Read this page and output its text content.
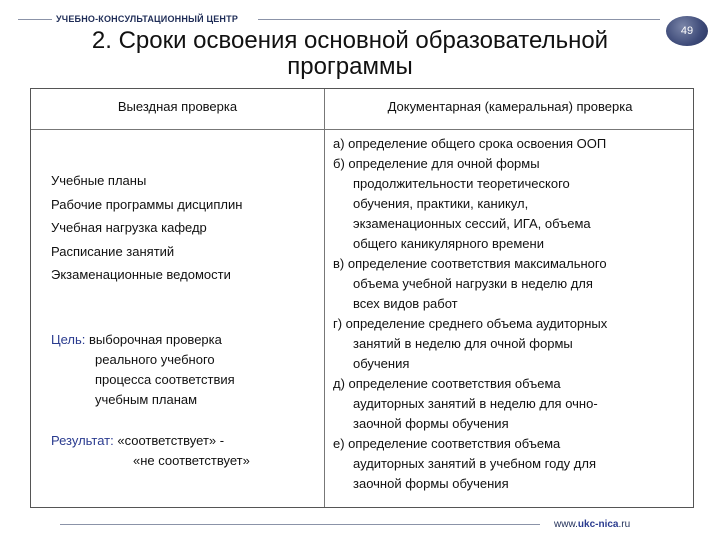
УЧЕБНО-КОНСУЛЬТАЦИОННЫЙ ЦЕНТР
49
2. Сроки освоения основной образовательной
программы
Выездная проверка	Документарная (камеральная) проверка
Учебные планы
Рабочие программы дисциплин
Учебная нагрузка кафедр
Расписание занятий
Экзаменационные ведомости
Цель: выборочная проверка
реального учебного
процесса соответствия
учебным планам
Результат: «соответствует» -
«не соответствует»
а) определение общего срока освоения ООП
б) определение для очной формы
продолжительности теоретического
обучения, практики, каникул,
экзаменационных сессий, ИГА, объема
общего каникулярного времени
в) определение соответствия максимального
объема учебной нагрузки в неделю для
всех видов работ
г) определение среднего объема аудиторных
занятий в неделю для очной формы
обучения
д) определение соответствия объема
аудиторных занятий в неделю для очно-
заочной формы обучения
е) определение соответствия объема
аудиторных занятий в учебном году для
заочной формы обучения
www.ukc-nica.ru
